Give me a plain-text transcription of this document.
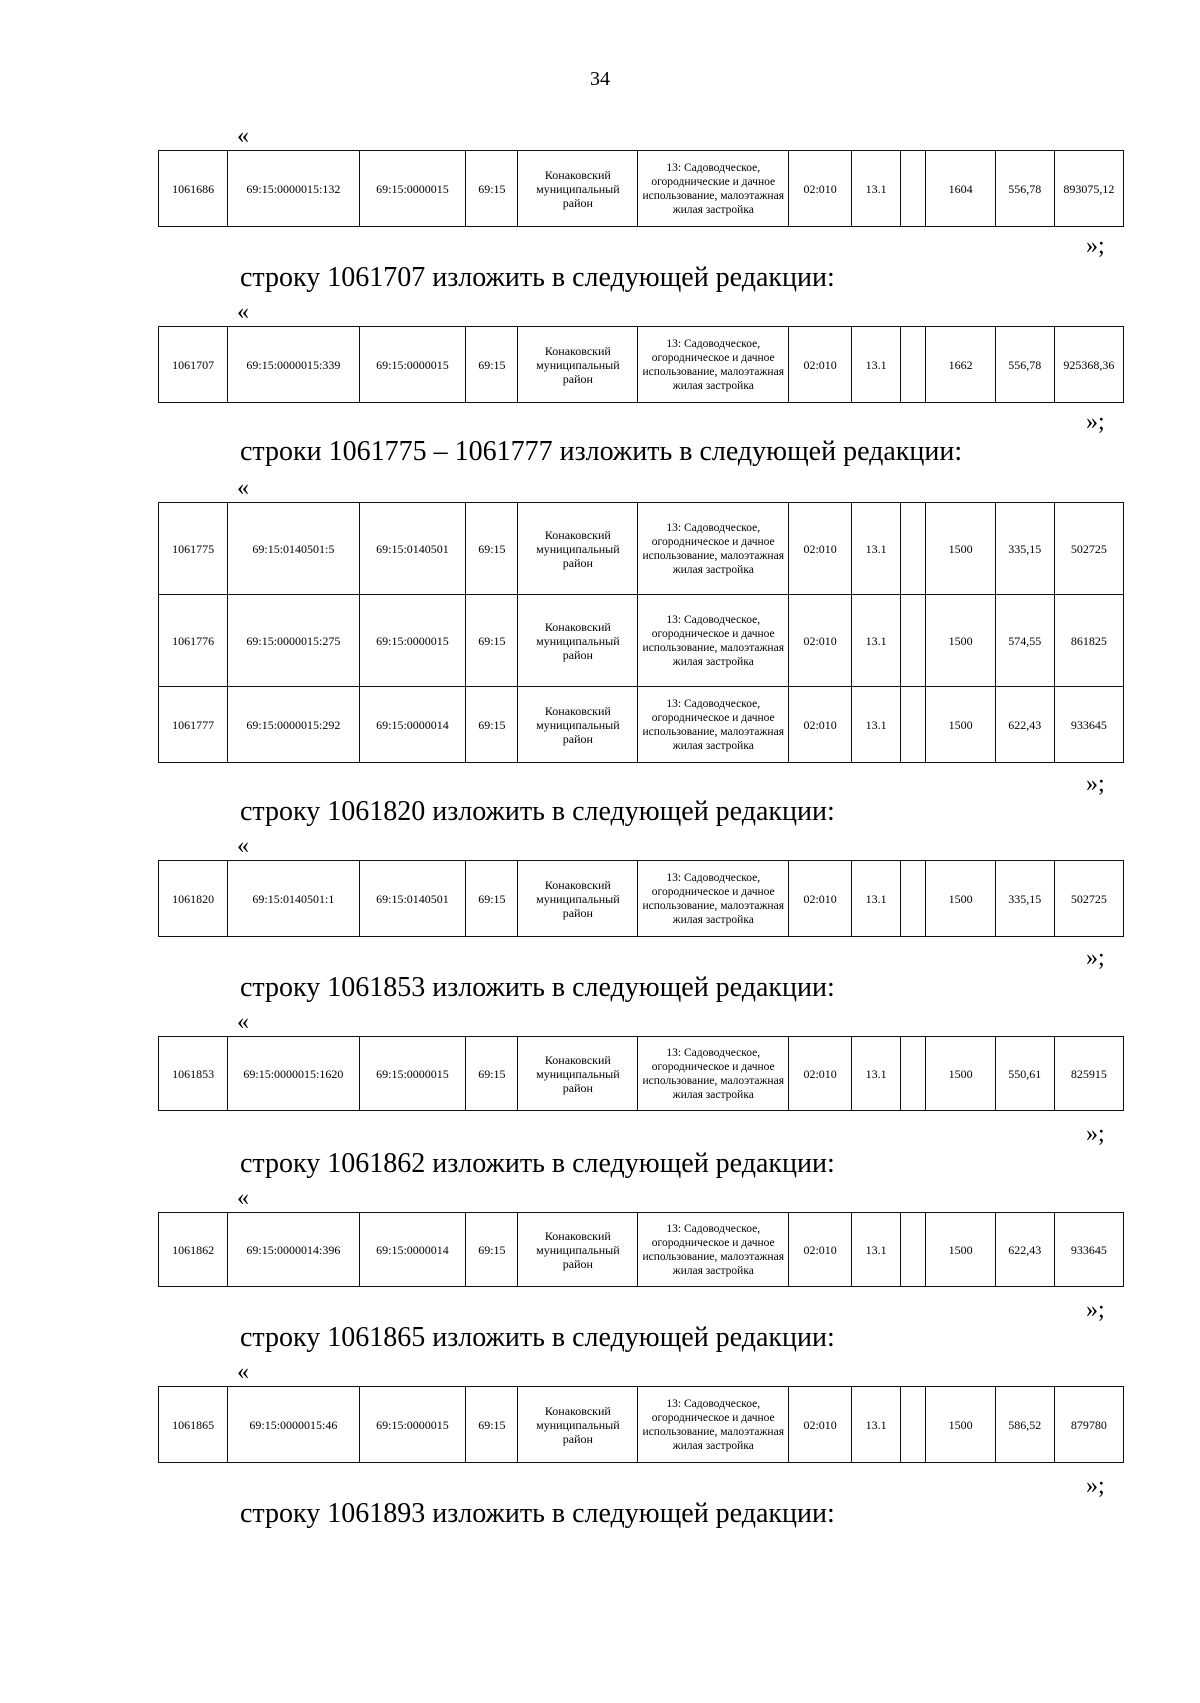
34
«
1061686	69:15:0000015:132	69:15:0000015	69:15	Конаковский муниципальный район	13: Садоводческое, огороднические и дачное использование, малоэтажная жилая застройка	02:010	13.1		1604	556,78	893075,12
»;
строку 1061707 изложить в следующей редакции:
«
1061707	69:15:0000015:339	69:15:0000015	69:15	Конаковский муниципальный район	13: Садоводческое, огородническое и дачное использование, малоэтажная жилая застройка	02:010	13.1		1662	556,78	925368,36
»;
строки 1061775 – 1061777 изложить в следующей редакции:
«
1061775	69:15:0140501:5	69:15:0140501	69:15	Конаковский муниципальный район	13: Садоводческое, огородническое и дачное использование, малоэтажная жилая застройка	02:010	13.1		1500	335,15	502725
1061776	69:15:0000015:275	69:15:0000015	69:15	Конаковский муниципальный район	13: Садоводческое, огородническое и дачное использование, малоэтажная жилая застройка	02:010	13.1		1500	574,55	861825
1061777	69:15:0000015:292	69:15:0000014	69:15	Конаковский муниципальный район	13: Садоводческое, огородническое и дачное использование, малоэтажная жилая застройка	02:010	13.1		1500	622,43	933645
»;
строку 1061820 изложить в следующей редакции:
«
1061820	69:15:0140501:1	69:15:0140501	69:15	Конаковский муниципальный район	13: Садоводческое, огородническое и дачное использование, малоэтажная жилая застройка	02:010	13.1		1500	335,15	502725
»;
строку 1061853 изложить в следующей редакции:
«
1061853	69:15:0000015:1620	69:15:0000015	69:15	Конаковский муниципальный район	13: Садоводческое, огородническое и дачное использование, малоэтажная жилая застройка	02:010	13.1		1500	550,61	825915
»;
строку 1061862 изложить в следующей редакции:
«
1061862	69:15:0000014:396	69:15:0000014	69:15	Конаковский муниципальный район	13: Садоводческое, огородническое и дачное использование, малоэтажная жилая застройка	02:010	13.1		1500	622,43	933645
»;
строку 1061865 изложить в следующей редакции:
«
1061865	69:15:0000015:46	69:15:0000015	69:15	Конаковский муниципальный район	13: Садоводческое, огородническое и дачное использование, малоэтажная жилая застройка	02:010	13.1		1500	586,52	879780
»;
строку 1061893 изложить в следующей редакции:
